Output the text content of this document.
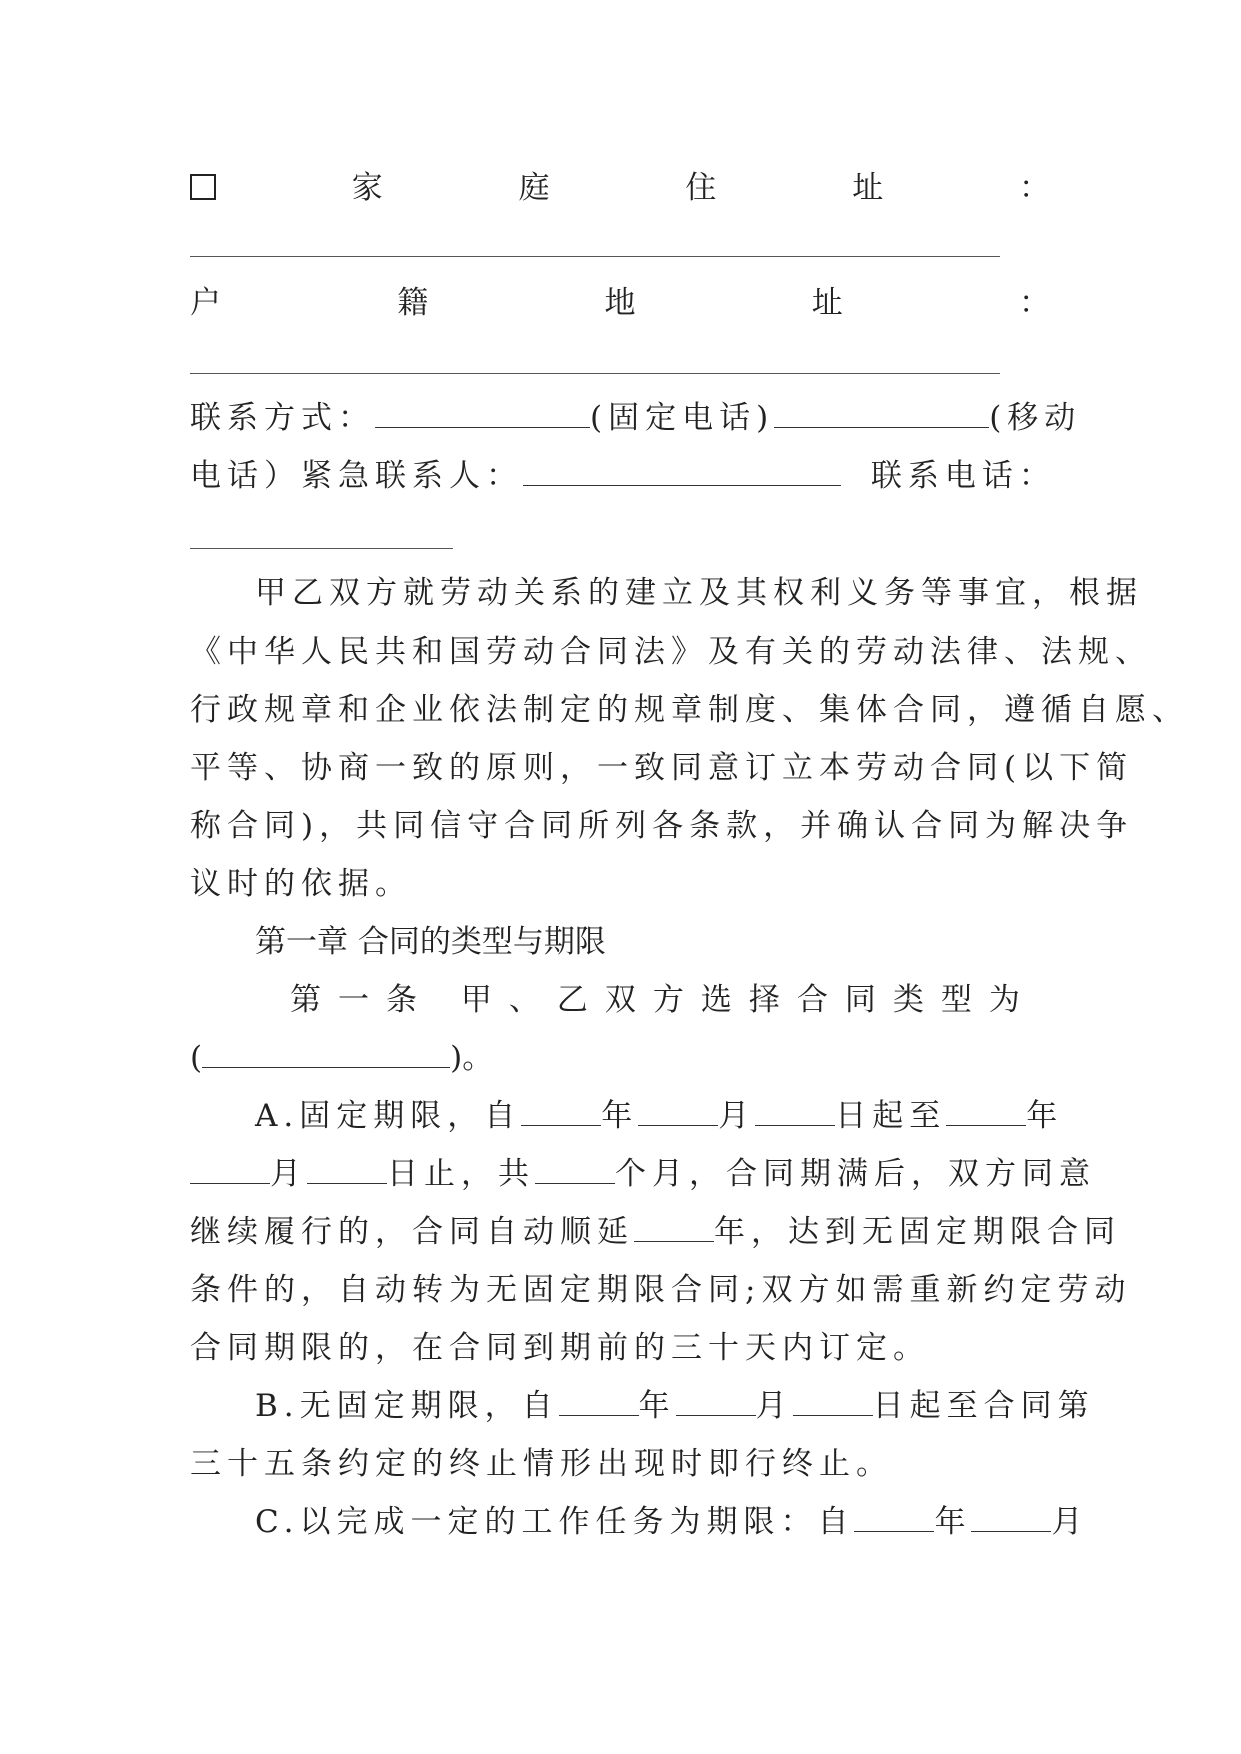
家	庭	住	址	：
户	籍	地	址	：
联系方式：	(固定电话)	(移动
电话）紧急联系人：	联系电话：
甲乙双方就劳动关系的建立及其权利义务等事宜，根据
《中华人民共和国劳动合同法》及有关的劳动法律、法规、
行政规章和企业依法制定的规章制度、集体合同，遵循自愿、
平等、协商一致的原则，一致同意订立本劳动合同(以下简
称合同)，共同信守合同所列各条款，并确认合同为解决争
议时的依据。
第一章 合同的类型与期限
第一条 甲、乙双方选择合同类型为
(	)。
A.固定期限，自	年	月	日起至	年
月	日止，共	个月，合同期满后，双方同意
继续履行的，合同自动顺延	年，达到无固定期限合同
条件的，自动转为无固定期限合同;双方如需重新约定劳动
合同期限的，在合同到期前的三十天内订定。
B.无固定期限，自	年	月	日起至合同第
三十五条约定的终止情形出现时即行终止。
C.以完成一定的工作任务为期限：自	年	月
